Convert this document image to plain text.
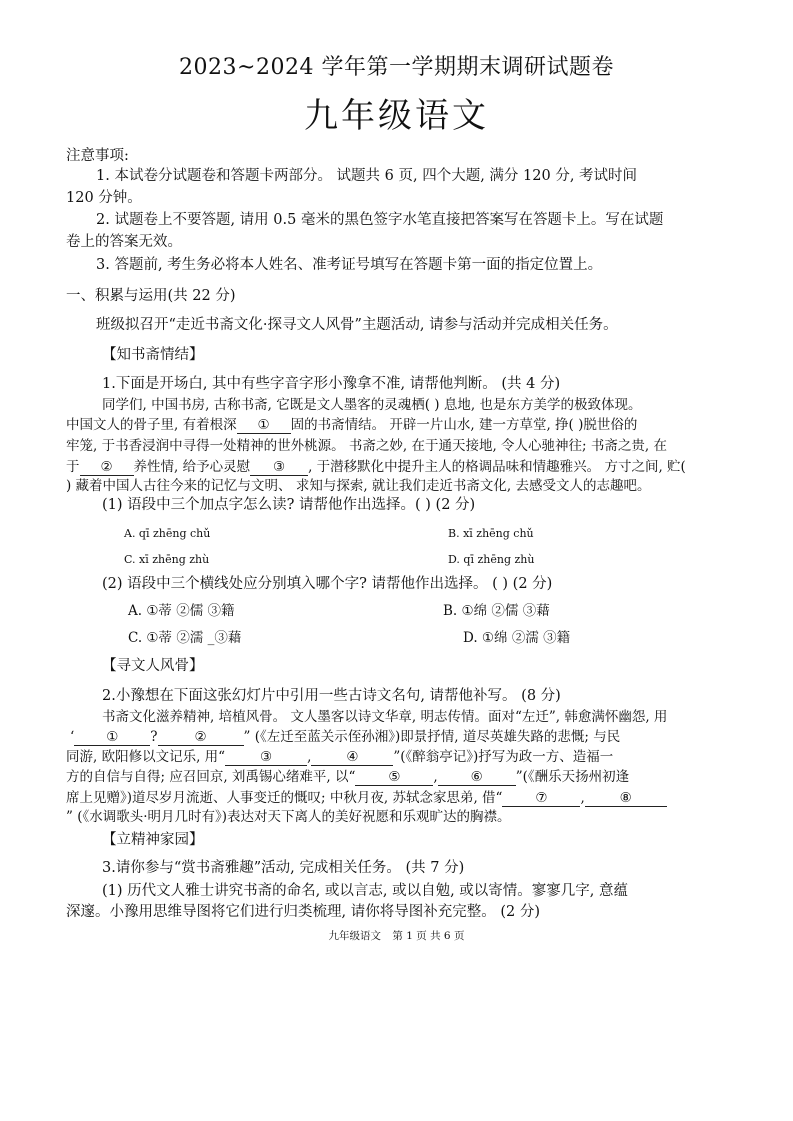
2023~2024 学年第一学期期末调研试题卷
九年级语文
注意事项:
1. 本试卷分试题卷和答题卡两部分。 试题共 6 页, 四个大题, 满分 120 分, 考试时间
120 分钟。
2. 试题卷上不要答题, 请用 0.5 毫米的黑色签字水笔直接把答案写在答题卡上。写在试题
卷上的答案无效。
3. 答题前, 考生务必将本人姓名、准考证号填写在答题卡第一面的指定位置上。
一、积累与运用(共 22 分)
班级拟召开“走近书斋文化·探寻文人风骨”主题活动, 请参与活动并完成相关任务。
【知书斋情结】
1.下面是开场白, 其中有些字音字形小豫拿不准, 请帮他判断。 (共 4 分)
同学们, 中国书房, 古称书斋, 它既是文人墨客的灵魂栖( ) 息地, 也是东方美学的极致体现。
中国文人的骨子里, 有着根深 ① 固的书斋情结。 开辟一片山水, 建一方草堂, 挣( )脱世俗的
牢笼, 于书香浸润中寻得一处精神的世外桃源。 书斋之妙, 在于通天接地, 令人心驰神往; 书斋之贵, 在
于 ② 养性情, 给予心灵慰 ③ , 于潜移默化中提升主人的格调品味和情趣雅兴。 方寸之间, 贮(
) 藏着中国人古往今来的记忆与文明、 求知与探索, 就让我们走近书斋文化, 去感受文人的志趣吧。
(1) 语段中三个加点字怎么读? 请帮他作出选择。( ) (2 分)
A. qī zhēng chǔ	B. xī zhēng chǔ
C. xī zhēng zhù	D. qī zhēng zhù
(2) 语段中三个横线处应分别填入哪个字? 请帮他作出选择。 ( ) (2 分)
A. ①蒂 ②儒 ③籍	B. ①绵 ②儒 ③藉
C. ①蒂 ②濡 _③藉	D. ①绵 ②濡 ③籍
【寻文人风骨】
2.小豫想在下面这张幻灯片中引用一些古诗文名句, 请帮他补写。 (8 分)
书斋文化滋养精神, 培植风骨。 文人墨客以诗文华章, 明志传情。面对“左迁”, 韩愈满怀幽怨, 用
‘ ① ?	②	” (《左迁至蓝关示侄孙湘》)即景抒情, 道尽英雄失路的悲慨; 与民
同游, 欧阳修以文记乐, 用“	③	,	④	”(《醉翁亭记》)抒写为政一方、造福一
方的自信与自得; 应召回京, 刘禹锡心绪难平, 以“ ⑤ , ⑥ ”(《酬乐天扬州初逢
席上见赠》)道尽岁月流逝、人事变迁的慨叹; 中秋月夜, 苏轼念家思弟, 借“ ⑦ ,	⑧
” (《水调歌头·明月几时有》)表达对天下离人的美好祝愿和乐观旷达的胸襟。
【立精神家园】
3.请你参与“赏书斋雅趣”活动, 完成相关任务。 (共 7 分)
(1) 历代文人雅士讲究书斋的命名, 或以言志, 或以自勉, 或以寄情。寥寥几字, 意蕴
深邃。小豫用思维导图将它们进行归类梳理, 请你将导图补充完整。 (2 分)
九年级语文 第 1 页 共 6 页
